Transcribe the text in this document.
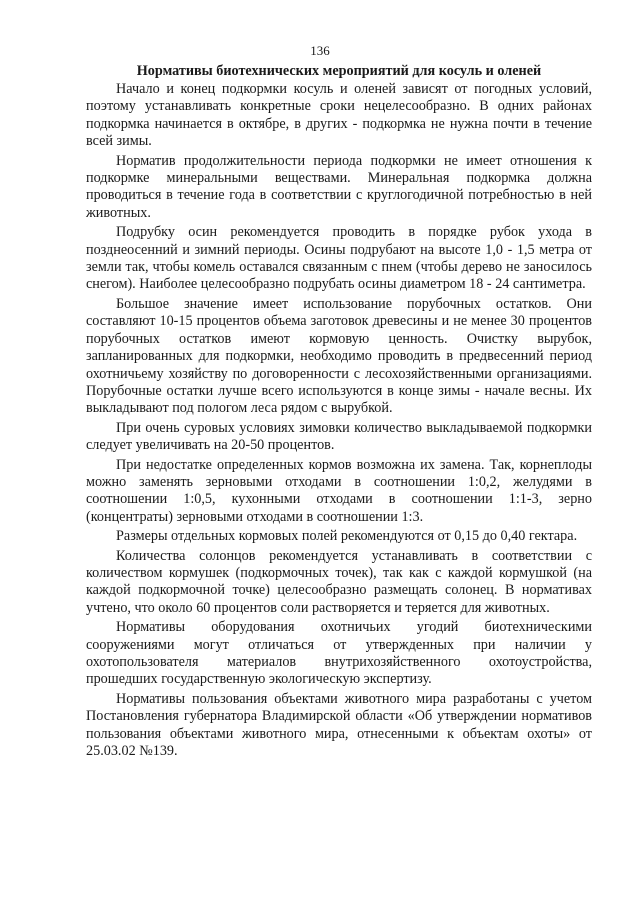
136
Нормативы биотехнических мероприятий для косуль и оленей

Начало и конец подкормки косуль и оленей зависят от погодных условий, поэтому устанавливать конкретные сроки нецелесообразно. В одних районах подкормка начинается в октябре, в других - подкормка не нужна почти в течение всей зимы.

Норматив продолжительности периода подкормки не имеет отношения к подкормке минеральными веществами. Минеральная подкормка должна проводиться в течение года в соответствии с круглогодичной потребностью в ней животных.

Подрубку осин рекомендуется проводить в порядке рубок ухода в позднеосенний и зимний периоды. Осины подрубают на высоте 1,0 - 1,5 метра от земли так, чтобы комель оставался связанным с пнем (чтобы дерево не заносилось снегом). Наиболее целесообразно подрубать осины диаметром 18 - 24 сантиметра.

Большое значение имеет использование порубочных остатков. Они составляют 10-15 процентов объема заготовок древесины и не менее 30 процентов порубочных остатков имеют кормовую ценность. Очистку вырубок, запланированных для подкормки, необходимо проводить в предвесенний период охотничьему хозяйству по договоренности с лесохозяйственными организациями. Порубочные остатки лучше всего используются в конце зимы - начале весны. Их выкладывают под пологом леса рядом с вырубкой.

При очень суровых условиях зимовки количество выкладываемой подкормки следует увеличивать на 20-50 процентов.

При недостатке определенных кормов возможна их замена. Так, корнеплоды можно заменять зерновыми отходами в соотношении 1:0,2, желудями в соотношении 1:0,5, кухонными отходами в соотношении 1:1-3, зерно (концентраты) зерновыми отходами в соотношении 1:3.

Размеры отдельных кормовых полей рекомендуются от 0,15 до 0,40 гектара.

Количества солонцов рекомендуется устанавливать в соответствии с количеством кормушек (подкормочных точек), так как с каждой кормушкой (на каждой подкормочной точке) целесообразно размещать солонец. В нормативах учтено, что около 60 процентов соли растворяется и теряется для животных.

Нормативы оборудования охотничьих угодий биотехническими сооружениями могут отличаться от утвержденных при наличии у охотопользователя материалов внутрихозяйственного охотоустройства, прошедших государственную экологическую экспертизу.

Нормативы пользования объектами животного мира разработаны с учетом Постановления губернатора Владимирской области «Об утверждении нормативов пользования объектами животного мира, отнесенными к объектам охоты» от 25.03.02 №139.
